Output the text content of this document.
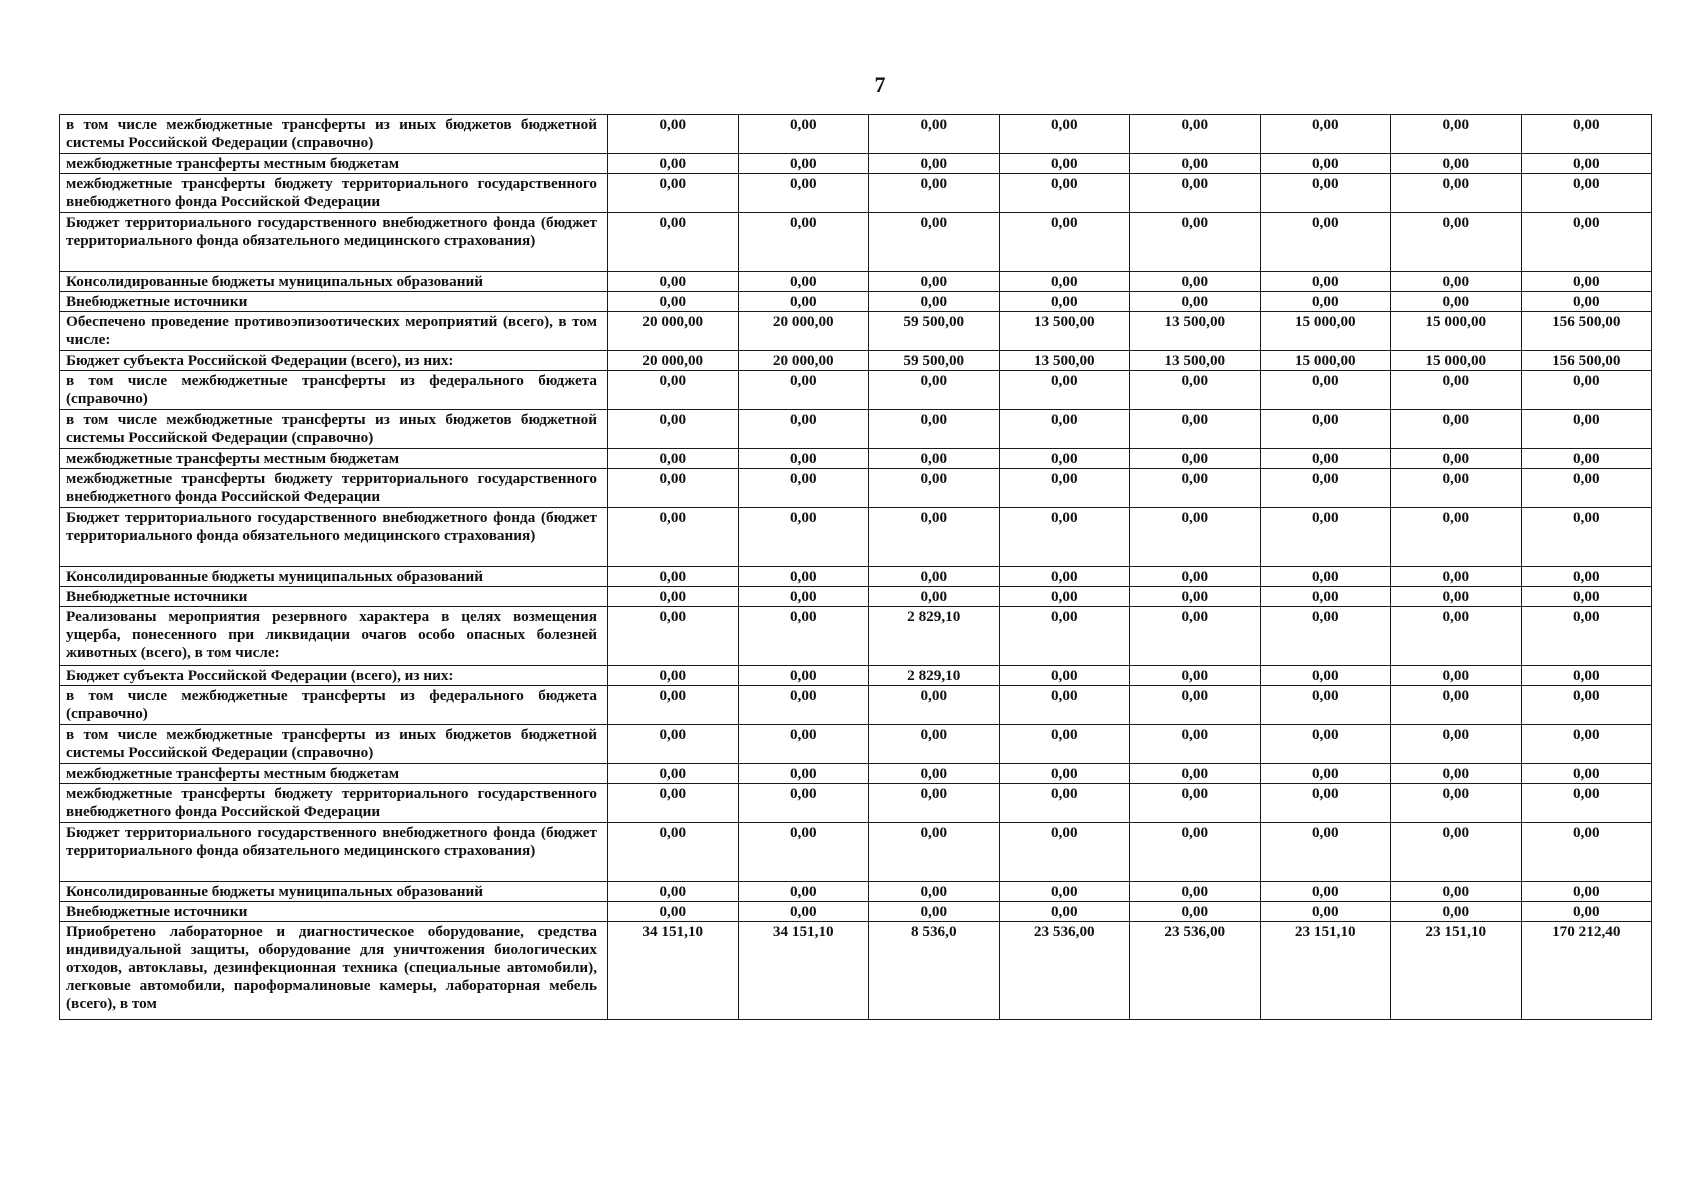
7
в том числе межбюджетные трансферты из иных бюджетов бюджетной системы Российской Федерации (справочно)	0,00	0,00	0,00	0,00	0,00	0,00	0,00	0,00
межбюджетные трансферты местным бюджетам	0,00	0,00	0,00	0,00	0,00	0,00	0,00	0,00
межбюджетные трансферты бюджету территориального государственного внебюджетного фонда Российской Федерации	0,00	0,00	0,00	0,00	0,00	0,00	0,00	0,00
Бюджет территориального государственного внебюджетного фонда (бюджет территориального фонда обязательного медицинского страхования)	0,00	0,00	0,00	0,00	0,00	0,00	0,00	0,00
Консолидированные бюджеты муниципальных образований	0,00	0,00	0,00	0,00	0,00	0,00	0,00	0,00
Внебюджетные источники	0,00	0,00	0,00	0,00	0,00	0,00	0,00	0,00
Обеспечено проведение противоэпизоотических мероприятий (всего), в том числе:	20 000,00	20 000,00	59 500,00	13 500,00	13 500,00	15 000,00	15 000,00	156 500,00
Бюджет субъекта Российской Федерации (всего), из них:	20 000,00	20 000,00	59 500,00	13 500,00	13 500,00	15 000,00	15 000,00	156 500,00
в том числе межбюджетные трансферты из федерального бюджета (справочно)	0,00	0,00	0,00	0,00	0,00	0,00	0,00	0,00
в том числе межбюджетные трансферты из иных бюджетов бюджетной системы Российской Федерации (справочно)	0,00	0,00	0,00	0,00	0,00	0,00	0,00	0,00
межбюджетные трансферты местным бюджетам	0,00	0,00	0,00	0,00	0,00	0,00	0,00	0,00
межбюджетные трансферты бюджету территориального государственного внебюджетного фонда Российской Федерации	0,00	0,00	0,00	0,00	0,00	0,00	0,00	0,00
Бюджет территориального государственного внебюджетного фонда (бюджет территориального фонда обязательного медицинского страхования)	0,00	0,00	0,00	0,00	0,00	0,00	0,00	0,00
Консолидированные бюджеты муниципальных образований	0,00	0,00	0,00	0,00	0,00	0,00	0,00	0,00
Внебюджетные источники	0,00	0,00	0,00	0,00	0,00	0,00	0,00	0,00
Реализованы мероприятия резервного характера в целях возмещения ущерба, понесенного при ликвидации очагов особо опасных болезней животных (всего), в том числе:	0,00	0,00	2 829,10	0,00	0,00	0,00	0,00	0,00
Бюджет субъекта Российской Федерации (всего), из них:	0,00	0,00	2 829,10	0,00	0,00	0,00	0,00	0,00
в том числе межбюджетные трансферты из федерального бюджета (справочно)	0,00	0,00	0,00	0,00	0,00	0,00	0,00	0,00
в том числе межбюджетные трансферты из иных бюджетов бюджетной системы Российской Федерации (справочно)	0,00	0,00	0,00	0,00	0,00	0,00	0,00	0,00
межбюджетные трансферты местным бюджетам	0,00	0,00	0,00	0,00	0,00	0,00	0,00	0,00
межбюджетные трансферты бюджету территориального государственного внебюджетного фонда Российской Федерации	0,00	0,00	0,00	0,00	0,00	0,00	0,00	0,00
Бюджет территориального государственного внебюджетного фонда (бюджет территориального фонда обязательного медицинского страхования)	0,00	0,00	0,00	0,00	0,00	0,00	0,00	0,00
Консолидированные бюджеты муниципальных образований	0,00	0,00	0,00	0,00	0,00	0,00	0,00	0,00
Внебюджетные источники	0,00	0,00	0,00	0,00	0,00	0,00	0,00	0,00
Приобретено лабораторное и диагностическое оборудование, средства индивидуальной защиты, оборудование для уничтожения биологических отходов, автоклавы, дезинфекционная техника (специальные автомобили), легковые автомобили, пароформалиновые камеры, лабораторная мебель (всего), в том	34 151,10	34 151,10	8 536,0	23 536,00	23 536,00	23 151,10	23 151,10	170 212,40
